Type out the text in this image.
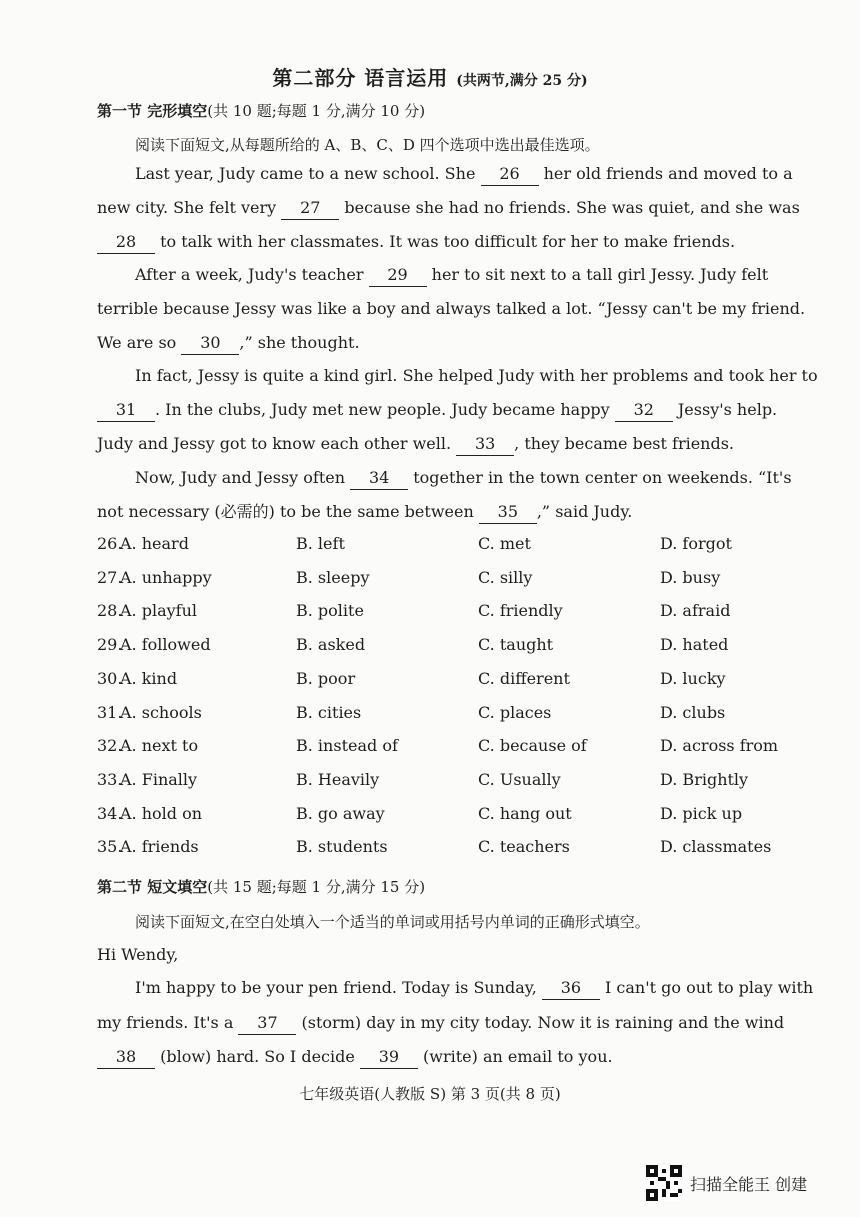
第二部分 语言运用 (共两节,满分 25 分)
第一节 完形填空(共 10 题;每题 1 分,满分 10 分)
阅读下面短文,从每题所给的 A、B、C、D 四个选项中选出最佳选项。
Last year, Judy came to a new school. She 26 her old friends and moved to a
new city. She felt very 27 because she had no friends. She was quiet, and she was
28 to talk with her classmates. It was too difficult for her to make friends.
After a week, Judy's teacher 29 her to sit next to a tall girl Jessy. Judy felt
terrible because Jessy was like a boy and always talked a lot. “Jessy can't be my friend.
We are so 30 ,” she thought.
In fact, Jessy is quite a kind girl. She helped Judy with her problems and took her to
31 . In the clubs, Judy met new people. Judy became happy 32 Jessy's help.
Judy and Jessy got to know each other well. 33 , they became best friends.
Now, Judy and Jessy often 34 together in the town center on weekends. “It's
not necessary (必需的) to be the same between 35 ,” said Judy.
26.
A. heard	B. left	C. met	D. forgot
27.
A. unhappy	B. sleepy	C. silly	D. busy
28.
A. playful	B. polite	C. friendly	D. afraid
29.
A. followed	B. asked	C. taught	D. hated
30.
A. kind	B. poor	C. different	D. lucky
31.
A. schools	B. cities	C. places	D. clubs
32.
A. next to	B. instead of	C. because of	D. across from
33.
A. Finally	B. Heavily	C. Usually	D. Brightly
34.
A. hold on	B. go away	C. hang out	D. pick up
35.
A. friends	B. students	C. teachers	D. classmates
第二节 短文填空(共 15 题;每题 1 分,满分 15 分)
阅读下面短文,在空白处填入一个适当的单词或用括号内单词的正确形式填空。
Hi Wendy,
I'm happy to be your pen friend. Today is Sunday, 36 I can't go out to play with
my friends. It's a 37 (storm) day in my city today. Now it is raining and the wind
38 (blow) hard. So I decide 39 (write) an email to you.
七年级英语(人教版 S) 第 3 页(共 8 页)
扫描全能王 创建
